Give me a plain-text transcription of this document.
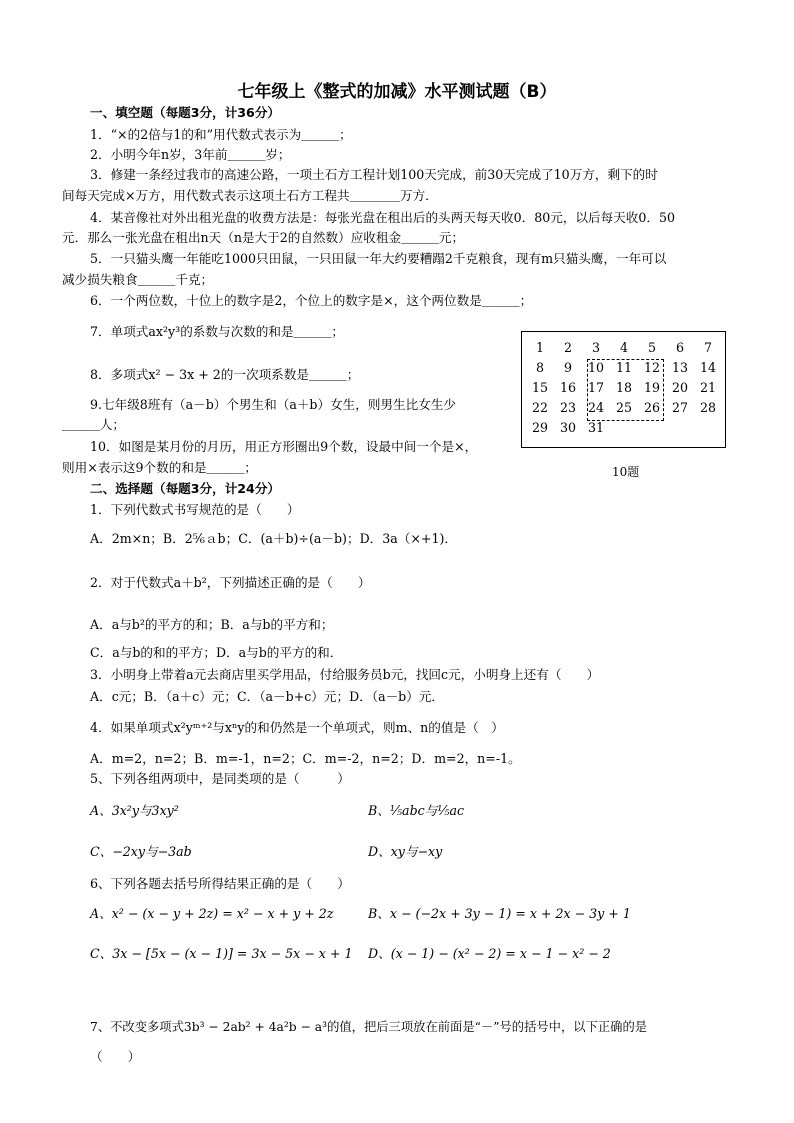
七年级上《整式的加减》水平测试题（B）
一、填空题（每题3分，计36分）
1．“×的2倍与1的和”用代数式表示为＿＿＿；
2．小明今年n岁，3年前＿＿＿岁；
3．修建一条经过我市的高速公路，一项土石方工程计划100天完成，前30天完成了10万方，剩下的时
间每天完成×万方，用代数式表示这项土石方工程共＿＿＿＿万方．
4．某音像社对外出租光盘的收费方法是：每张光盘在租出后的头两天每天收0．80元，以后每天收0．50
元．那么一张光盘在租出n天（n是大于2的自然数）应收租金＿＿＿元；
5．一只猫头鹰一年能吃1000只田鼠，一只田鼠一年大约要糟蹋2千克粮食，现有m只猫头鹰，一年可以
减少损失粮食＿＿＿千克；
6．一个两位数，十位上的数字是2，个位上的数字是×，这个两位数是＿＿＿；
7．单项式ax²y³的系数与次数的和是＿＿＿；
8．多项式x² − 3x + 2的一次项系数是＿＿＿；
9.七年级8班有（a－b）个男生和（a＋b）女生，则男生比女生少
＿＿＿人；
10．如图是某月份的月历，用正方形圈出9个数，设最中间一个是×，
则用×表示这9个数的和是＿＿＿；
1	2	3	4	5	6	7
8	9	10 11 12 13 14
15 16 17 18 19 20 21
22 23 24 25 26 27 28
29 30 31
10题
二、选择题（每题3分，计24分）
1．下列代数式书写规范的是（　　）
A．2m×n；B．2⁵⁄₆ａb；C．(a＋b)÷(a－b)；D．3a（×+1)．
2．对于代数式a＋b²，下列描述正确的是（　　）
A．a与b²的平方的和；B．a与b的平方和；
C．a与b的和的平方；D．a与b的平方的和．
3．小明身上带着a元去商店里买学用品，付给服务员b元，找回c元，小明身上还有（　　）
A．c元；B．（a＋c）元；C．（a－b+c）元；D．（a－b）元．
4．如果单项式x²yᵐ⁺²与xⁿy的和仍然是一个单项式，则m、n的值是（　）
A．m=2，n=2；B．m=-1，n=2；C．m=-2，n=2；D．m=2，n=-1。
5、下列各组两项中，是同类项的是（　　　）
A、3x²y与3xy²	B、⅕abc与⅕ac
C、−2xy与−3ab	D、xy与−xy
6、下列各题去括号所得结果正确的是（　　）
A、x² − (x − y + 2z) = x² − x + y + 2z	B、x − (−2x + 3y − 1) = x + 2x − 3y + 1
C、3x − [5x − (x − 1)] = 3x − 5x − x + 1 D、(x − 1) − (x² − 2) = x − 1 − x² − 2
7、不改变多项式3b³ − 2ab² + 4a²b − a³的值，把后三项放在前面是“－”号的括号中，以下正确的是
（　　）
